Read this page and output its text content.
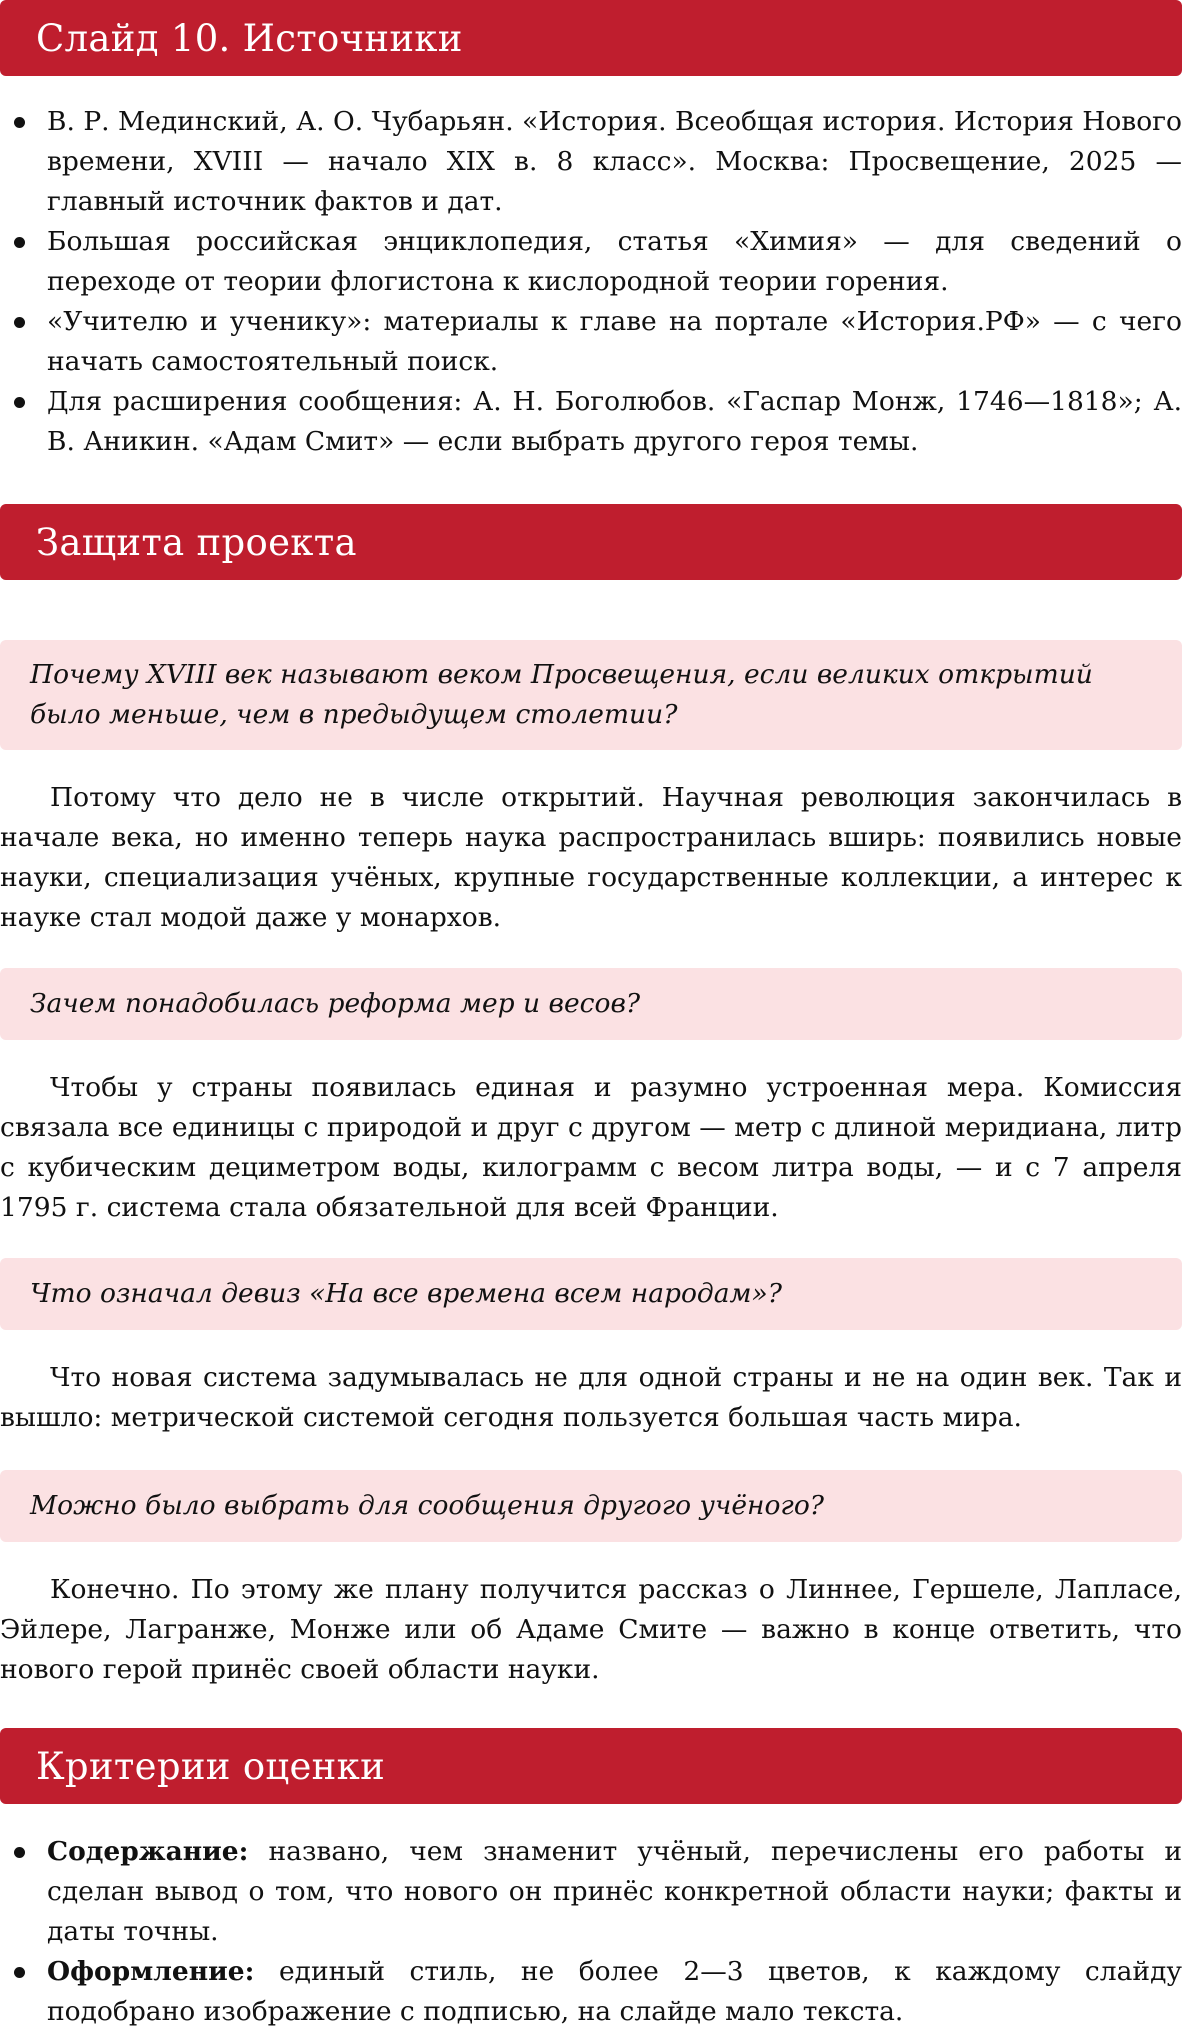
Слайд 10. Источники
В. Р. Мединский, А. О. Чубарьян. «История. Всеобщая история. История Нового времени, XVIII — начало XIX в. 8 класс». Москва: Просвещение, 2025 — главный источник фактов и дат.
Большая российская энциклопедия, статья «Химия» — для сведений о переходе от теории флогистона к кислородной теории горения.
«Учителю и ученику»: материалы к главе на портале «История.РФ» — с чего начать самостоятельный поиск.
Для расширения сообщения: А. Н. Боголюбов. «Гаспар Монж, 1746—1818»; А. В. Аникин. «Адам Смит» — если выбрать другого героя темы.
Защита проекта

Почему XVIII век называют веком Просвещения, если великих открытий было меньше, чем в предыдущем столетии?

Потому что дело не в числе открытий. Научная революция закончилась в начале века, но именно теперь наука распространилась вширь: появились новые науки, специализация учёных, крупные государственные коллекции, а интерес к науке стал модой даже у монархов.

Зачем понадобилась реформа мер и весов?

Чтобы у страны появилась единая и разумно устроенная мера. Комиссия связала все единицы с природой и друг с другом — метр с длиной меридиана, литр с кубическим дециметром воды, килограмм с весом литра воды, — и с 7 апреля 1795 г. система стала обязательной для всей Франции.

Что означал девиз «На все времена всем народам»?

Что новая система задумывалась не для одной страны и не на один век. Так и вышло: метрической системой сегодня пользуется большая часть мира.

Можно было выбрать для сообщения другого учёного?

Конечно. По этому же плану получится рассказ о Линнее, Гершеле, Лапласе, Эйлере, Лагранже, Монже или об Адаме Смите — важно в конце ответить, что нового герой принёс своей области науки.

Критерии оценки
Содержание: названо, чем знаменит учёный, перечислены его работы и сделан вывод о том, что нового он принёс конкретной области науки; факты и даты точны.
Оформление: единый стиль, не более 2—3 цветов, к каждому слайду подобрано изображение с подписью, на слайде мало текста.
